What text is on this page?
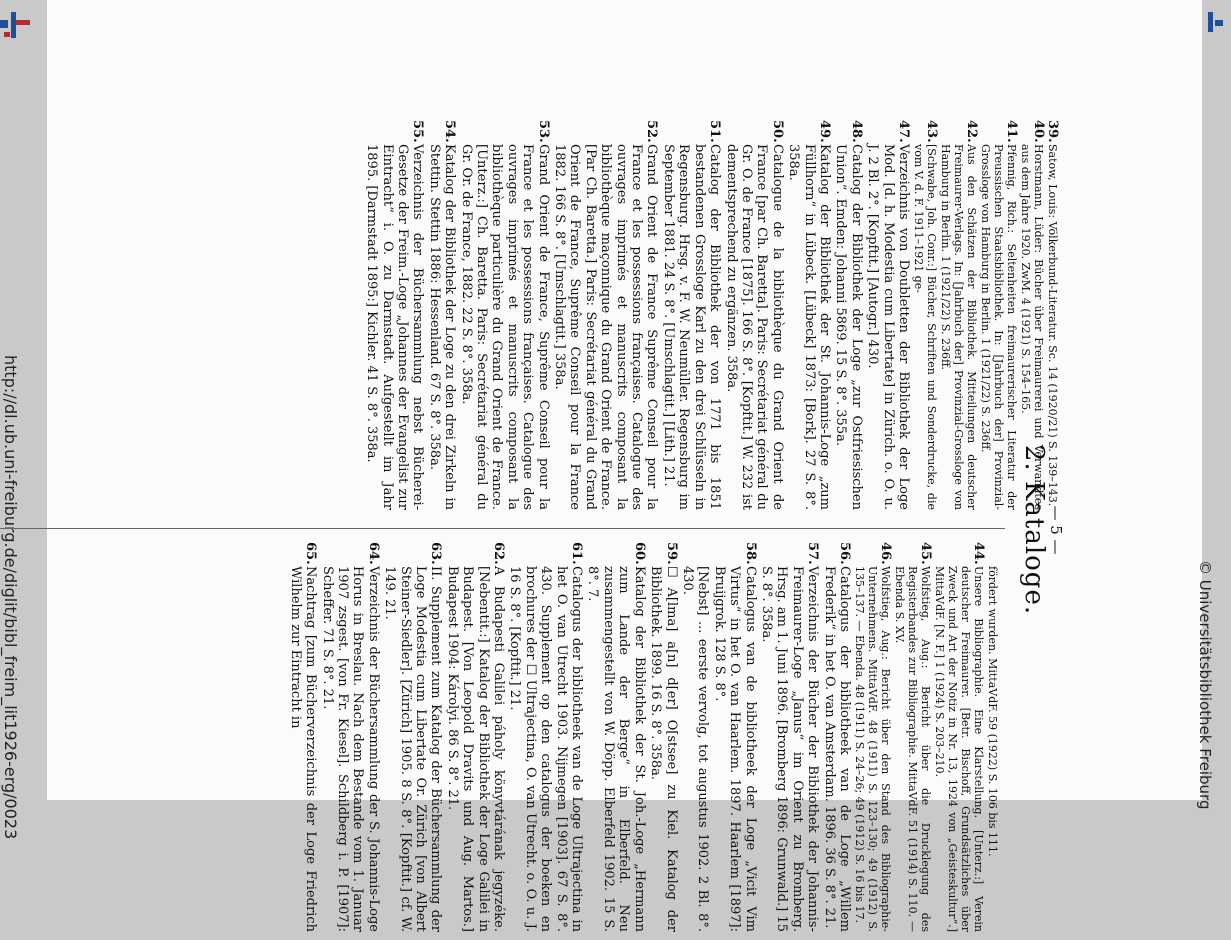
http://dl.ub.uni-freiburg.de/diglit/bibl_freim_lit1926-erg/0023	© Universitätsbibliothek Freiburg
— 5 —
2. Kataloge.
39.
Satow, Louis: Völkerbund-Literatur. Sc. 14 (1920/21) S. 139–143.
40.
Horstmann, Lüder: Bücher über Freimaurerei und Verwandtes aus dem Jahre 1920. ZwM. 4 (1921) S. 154–165.
41.
Pfennig, Rich.: Seltenheiten freimaurerischer Literatur der Preussischen Staatsbibliothek. In: [Jahrbuch der] Provinzial-Grossloge von Hamburg in Berlin. 1 (1921/22) S. 236ff.
42.
Aus den Schätzen der Bibliothek. Mitteilungen deutscher Freimaurer-Verlags. In: [Jahrbuch der] Provinzial-Grossloge von Hamburg in Berlin. 1 (1921/22) S. 236ff.
43.
[Schwabe, Joh. Conr.:] Bücher, Schriften und Sonderdrucke, die vom V. d. F. 1911–1921 ge-
47.
Verzeichnis von Doubletten der Bibliothek der Loge Mod. [d. h. Modestia cum Libertate] in Zürich. o. O. u. J. 2 Bl. 2°. [Kopftit.] [Autogr.] 430.
48.
Catalog der Bibliothek der Loge „zur Ostfriesischen Union“. Emden: Johanni 5869. 15 S. 8°. 355a.
49.
Katalog der Bibliothek der St. Johannis-Loge „zum Füllhorn“ in Lübeck. [Lübeck] 1873: [Bork]. 27 S. 8°. 358a.
50.
Catalogue de la bibliothèque du Grand Orient de France [par Ch. Baretta]. Paris: Secrétariat général du Gr. O. de France [1875]. 166 S. 8°. [Kopftit.] W. 232 ist dementsprechend zu ergänzen. 358a.
51.
Catalog der Bibliothek der von 1771 bis 1851 bestandenen Grossloge Karl zu den drei Schlüsseln in Regensburg. Hrsg. v. F. W. Neumüller. Regensburg im September 1881. 24 S. 8°. [Umschlagtit.] [Lith.] 21.
52.
Grand Orient de France Suprême Conseil pour la France et les possessions françaises. Catalogue des ouvrages imprimés et manuscrits composant la bibliothèque maçonnique du Grand Orient de France. [Par Ch. Baretta.] Paris: Secrétariat général du Grand Orient de France, Suprême Conseil pour la France 1882. 166 S. 8°. [Umschlagtit.] 358a.
53.
Grand Orient de France, Suprême Conseil pour la France et les possessions françaises. Catalogue des ouvrages imprimés et manuscrits composant la bibliothèque particulière du Grand Orient de France. [Unterz.:] Ch. Baretta. Paris: Secrétariat général du Gr. Or. de France, 1882. 22 S. 8°. 358a.
54.
Katalog der Bibliothek der Loge zu den drei Zirkeln in Stettin. Stettin 1886: Hessenland. 67 S. 8°. 358a.
55.
Verzeichnis der Büchersammlung nebst Bücherei-Gesetze der Freim.-Loge „Johannes der Evangelist zur Eintracht“ i. O. zu Darmstadt. Aufgestellt im Jahr 1895. [Darmstadt 1895:] Kichler. 41 S. 8°. 358a.
fördert wurden. MittaVdF. 59 (1922) S. 106 bis 111.
44.
Unsere Bibliographie. Eine Klarstellung. [Unterz.:] Verein deutscher Freimaurer. [Betr. Bischoff, Grundsätzliches über Zweck und Art der Notiz in Nr. 13, 1924 von „Geisteskultur“.] MittaVdF. [N. F.] 1 (1924) S. 203–210.
45.
Wolfstieg, Aug.: Bericht über die Drucklegung des Registerbandes zur Bibliographie. MittaVdF. 51 (1914) S. 110. — Ebenda S. XV.
46.
Wolfstieg, Aug.: Bericht über den Stand des Bibliographie-Unternehmens. MittaVdF. 48 (1911) S. 123–130; 49 (1912) S. 135–137. — Ebenda. 48 (1911) S. 24–26; 49 (1912) S. 16 bis 17.
56.
Catalogus der bibliotheek van de Loge „Willem Frederik“ in het O. van Amsterdam. 1896. 36 S. 8°. 21.
57.
Verzeichnis der Bücher der Bibliothek der Johannis-Freimaurer-Loge „Janus“ im Orient zu Bromberg. Hrsg. am 1. Juni 1896. [Bromberg 1896: Grunwald.] 15 S. 8°. 358a.
58.
Catalogus van de bibliotheek der Loge „Vicit Vim Virtus“ in het O. van Haarlem. 1897. Haarlem [1897]: Bruijgrok. 128 S. 8°.
[Nebst] ... eerste vervolg, tot augustus 1902. 2 Bl. 8°. 430.
59.
☐ A[lma] a[n] d[er] O[stsee] zu Kiel. Katalog der Bibliothek. 1899. 16 S. 8°. 358a.
60.
Katalog der Bibliothek der St. Joh.-Loge „Hermann zum Lande der Berge“ in Elberfeld. Neu zusammengestellt von W. Döpp. Elberfeld 1902. 15 S. 8°. 7.
61.
Catalogus der bibliotheek van de Loge Ultrajectina in het O. van Utrecht 1903. Nijmegen [1903]. 67 S. 8°. 430. Supplement op den catalogus der boeken en brochures der ☐ Ultrajectina, O. van Utrecht. o. O. u. J. 16 S. 8°. [Kopftit.] 21.
62.
A Budapesti Galilei páholy könyvtárának jegyzéke. [Nebentit.:] Katalog der Bibliothek der Loge Galilei in Budapest. [Von Leopold Dravits und Aug. Martos.] Budapest 1904: Károlyi. 86 S. 8°. 21.
63.
II. Supplement zum Katalog der Büchersammlung der Loge Modestia cum Libertate Or. Zürich [von Albert Steiner-Siedler]. [Zürich] 1905. 8 S. 8°. [Kopftit.] cf. W. 149. 21.
64.
Verzeichnis der Büchersammlung der S. Johannis-Loge Horus in Breslau. Nach dem Bestande vom 1. Januar 1907 zsgest. [von Fr. Kiesel]. Schildberg i. P. [1907]: Scheffer. 71 S. 8°. 21.
65.
Nachtrag [zum Bücherverzeichnis der Loge Friedrich Wilhelm zur Eintracht in
